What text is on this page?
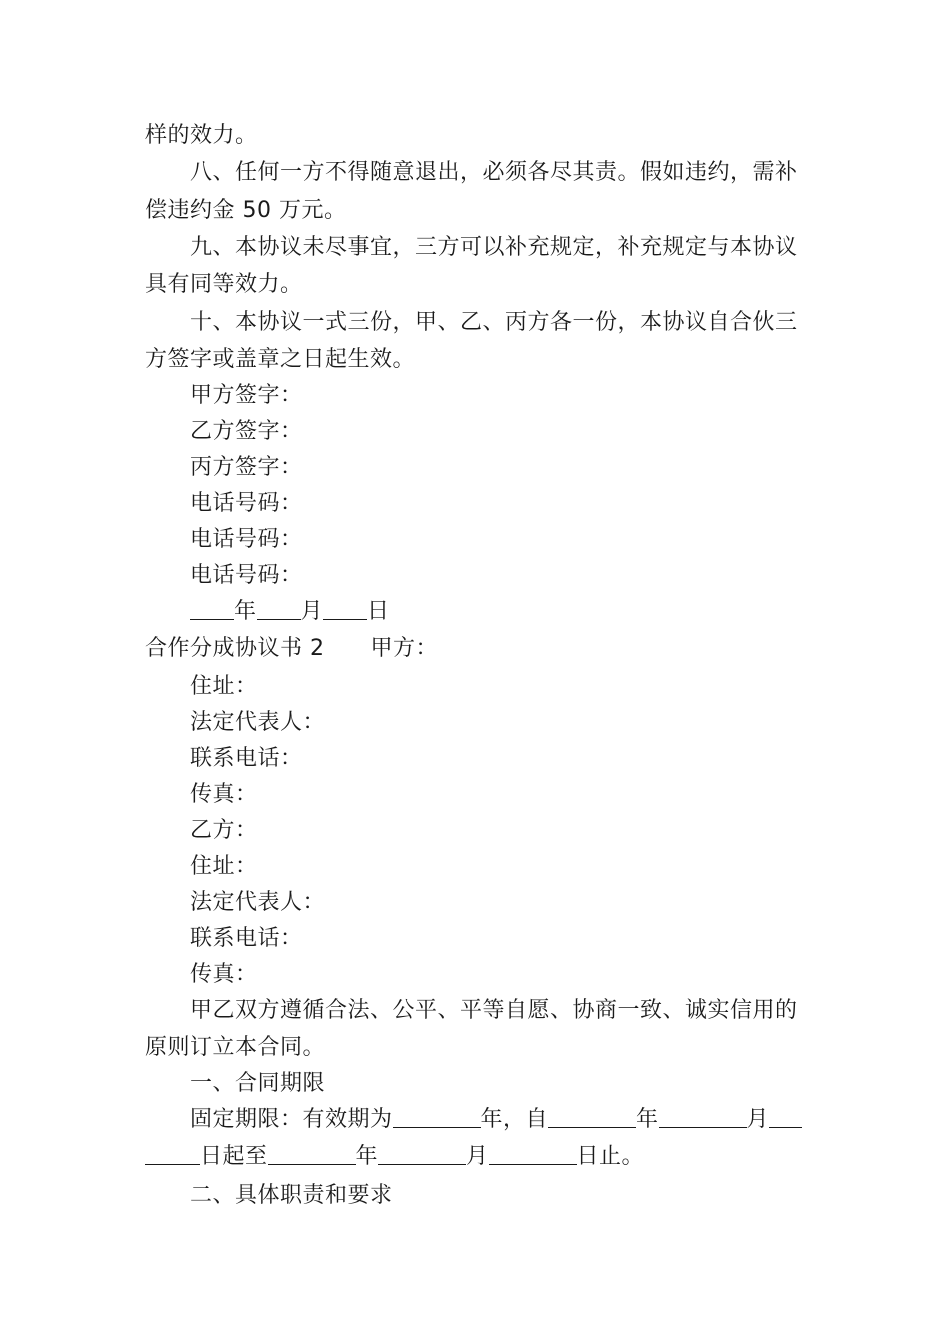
样的效力。
八、任何一方不得随意退出，必须各尽其责。假如违约，需补
偿违约金 50 万元。
九、本协议未尽事宜，三方可以补充规定，补充规定与本协议
具有同等效力。
十、本协议一式三份，甲、乙、丙方各一份，本协议自合伙三
方签字或盖章之日起生效。
甲方签字：
乙方签字：
丙方签字：
电话号码：
电话号码：
电话号码：
年 月 日
合作分成协议书 2 甲方：
住址：
法定代表人：
联系电话：
传真：
乙方：
住址：
法定代表人：
联系电话：
传真：
甲乙双方遵循合法、公平、平等自愿、协商一致、诚实信用的
原则订立本合同。
一、合同期限
固定期限：有效期为	年，自	年	月
日起至	年	月	日止。
二、具体职责和要求
